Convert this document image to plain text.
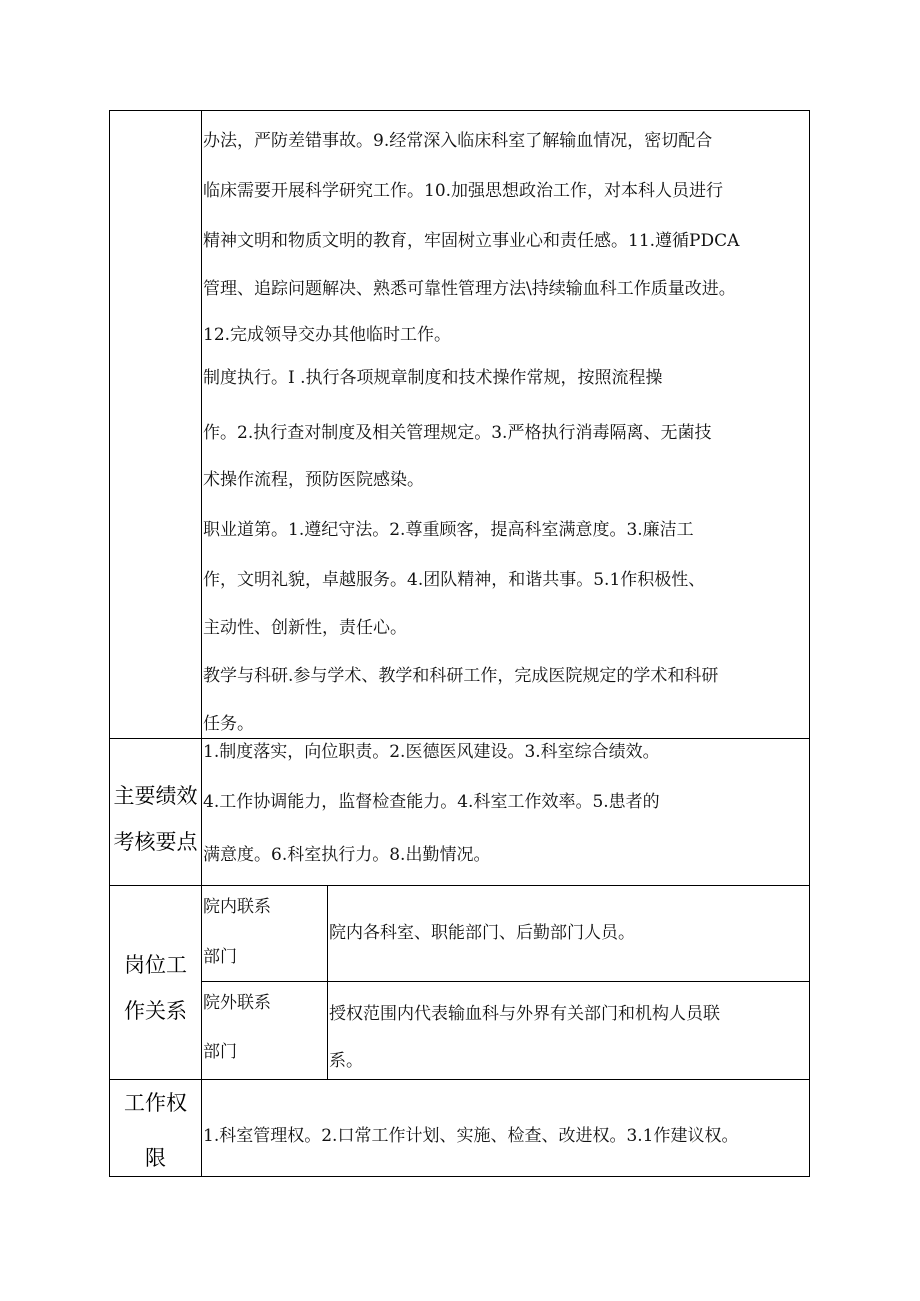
办法，严防差错事故。9.经常深入临床科室了解输血情况，密切配合
临床需要开展科学研究工作。10.加强思想政治工作，对本科人员进行
精神文明和物质文明的教育，牢固树立事业心和责任感。11.遵循PDCA
管理、追踪问题解决、熟悉可靠性管理方法\持续输血科工作质量改进。
12.完成领导交办其他临时工作。
制度执行。I .执行各项规章制度和技术操作常规，按照流程操
作。2.执行查对制度及相关管理规定。3.严格执行消毒隔离、无菌技
术操作流程，预防医院感染。
职业道第。1.遵纪守法。2.尊重顾客，提高科室满意度。3.廉洁工
作，文明礼貌，卓越服务。4.团队精神，和谐共事。5.1作积极性、
主动性、创新性，责任心。
教学与科研.参与学术、教学和科研工作，完成医院规定的学术和科研
任务。
主要绩效
考核要点
1.制度落实，向位职责。2.医德医风建设。3.科室综合绩效。
4.工作协调能力，监督检查能力。4.科室工作效率。5.患者的
满意度。6.科室执行力。8.出勤情况。
岗位工
作关系
院内联系
部门
院内各科室、职能部门、后勤部门人员。
院外联系
部门
授权范围内代表输血科与外界有关部门和机构人员联
系。
工作权
限
1.科室管理权。2.口常工作计划、实施、检查、改进权。3.1作建议权。
